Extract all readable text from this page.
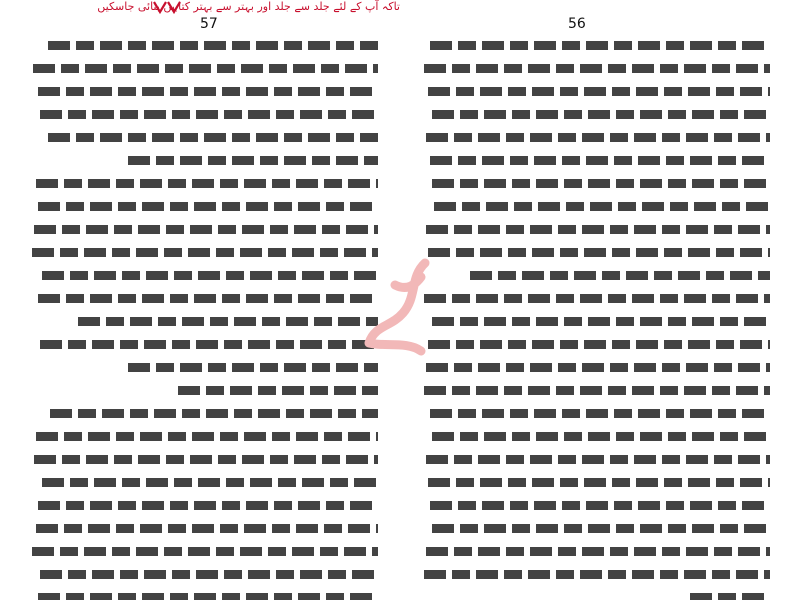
تاکہ آپ کے لئے جلد سے جلد اور بہتر سے بہتر کتابیں بنائی جاسکیں
57	56
